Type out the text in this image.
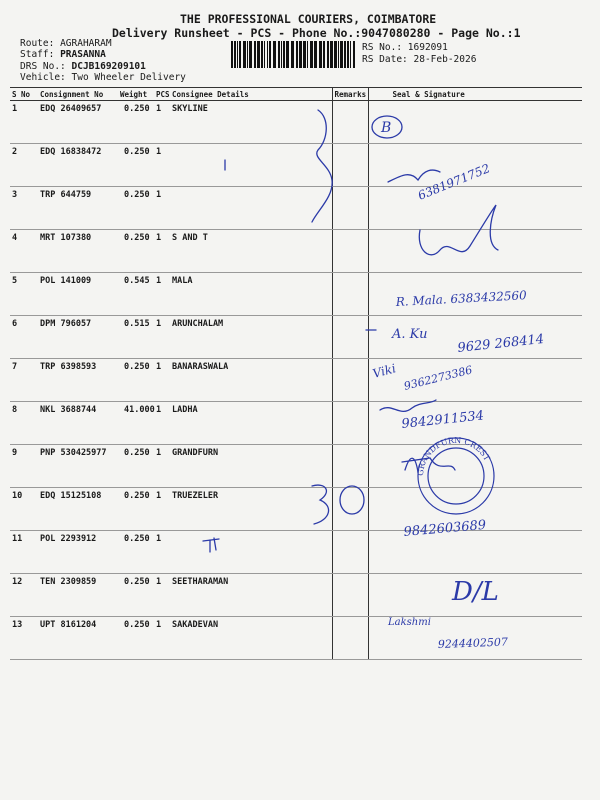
THE PROFESSIONAL COURIERS, COIMBATORE
Delivery Runsheet - PCS - Phone No.:9047080280 - Page No.:1
Route: AGRAHARAM
Staff: PRASANNA
DRS No.: DCJB169209101
Vehicle: Two Wheeler Delivery
RS No.: 1692091
RS Date: 28-Feb-2026
S No	Consignment No	Weight	PCS	Consignee Details	Remarks	Seal & Signature
1	EDQ 26409657	0.250	1	SKYLINE		
2	EDQ 16838472	0.250	1			
3	TRP 644759	0.250	1			
4	MRT 107380	0.250	1	S AND T		
5	POL 141009	0.545	1	MALA		
6	DPM 796057	0.515	1	ARUNCHALAM		
7	TRP 6398593	0.250	1	BANARASWALA		
8	NKL 3688744	41.000	1	LADHA		
9	PNP 530425977	0.250	1	GRANDFURN		
10	EDQ 15125108	0.250	1	TRUEZELER		
11	POL 2293912	0.250	1			
12	TEN 2309859	0.250	1	SEETHARAMAN		
13	UPT 8161204	0.250	1	SAKADEVAN		
GRANDFURN CREST
B
6381971752
R. Mala. 6383432560
A. Ku 9629 268414
Viki 9362273386
9842911534
9842603689
D/L
Lakshmi
9244402507
